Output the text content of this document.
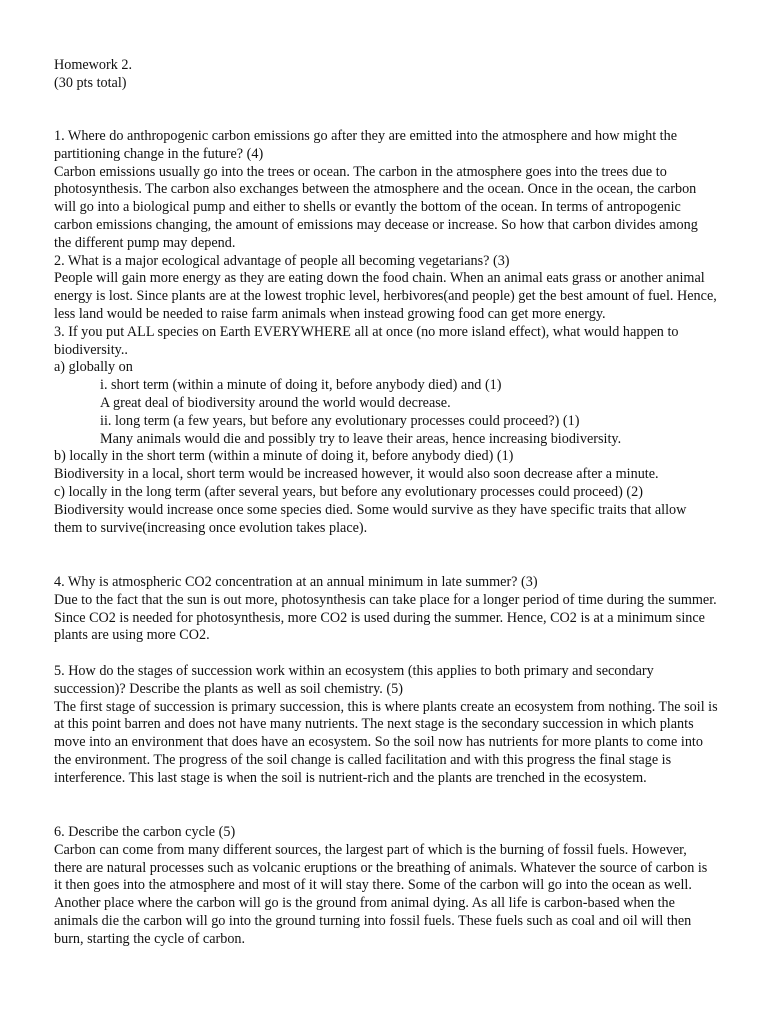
Homework 2.

(30 pts total)

1. Where do anthropogenic carbon emissions go after they are emitted into the atmosphere and how might the partitioning change in the future? (4)

Carbon emissions usually go into the trees or ocean. The carbon in the atmosphere goes into the trees due to photosynthesis. The carbon also exchanges between the atmosphere and the ocean. Once in the ocean, the carbon will go into a biological pump and either to shells or evantly the bottom of the ocean. In terms of antropogenic carbon emissions changing, the amount of emissions may decease or increase. So how that carbon divides among the different pump may depend.

2. What is a major ecological advantage of people all becoming vegetarians? (3)

People will gain more energy as they are eating down the food chain. When an animal eats grass or another animal energy is lost. Since plants are at the lowest trophic level, herbivores(and people) get the best amount of fuel. Hence, less land would be needed to raise farm animals when instead growing food can get more energy.

3. If you put ALL species on Earth EVERYWHERE all at once (no more island effect), what would happen to biodiversity..

a) globally on

i. short term (within a minute of doing it, before anybody died) and (1)

A great deal of biodiversity around the world would decrease.

ii. long term (a few years, but before any evolutionary processes could proceed?) (1)

Many animals would die and possibly try to leave their areas, hence increasing biodiversity.

b) locally in the short term (within a minute of doing it, before anybody died) (1)

Biodiversity in a local, short term would be increased however, it would also soon decrease after a minute.

c) locally in the long term (after several years, but before any evolutionary processes could proceed) (2)

Biodiversity would increase once some species died. Some would survive as they have specific traits that allow them to survive(increasing once evolution takes place).

4. Why is atmospheric CO2 concentration at an annual minimum in late summer? (3)

Due to the fact that the sun is out more, photosynthesis can take place for a longer period of time during the summer. Since CO2 is needed for photosynthesis, more CO2 is used during the summer. Hence, CO2 is at a minimum since plants are using more CO2.

5. How do the stages of succession work within an ecosystem (this applies to both primary and secondary succession)? Describe the plants as well as soil chemistry. (5)

The first stage of succession is primary succession, this is where plants create an ecosystem from nothing. The soil is at this point barren and does not have many nutrients. The next stage is the secondary succession in which plants move into an environment that does have an ecosystem. So the soil now has nutrients for more plants to come into the environment. The progress of the soil change is called facilitation and with this progress the final stage is interference. This last stage is when the soil is nutrient-rich and the plants are trenched in the ecosystem.

6. Describe the carbon cycle (5)

Carbon can come from many different sources, the largest part of which is the burning of fossil fuels. However, there are natural processes such as volcanic eruptions or the breathing of animals. Whatever the source of carbon is it then goes into the atmosphere and most of it will stay there. Some of the carbon will go into the ocean as well. Another place where the carbon will go is the ground from animal dying. As all life is carbon-based when the animals die the carbon will go into the ground turning into fossil fuels. These fuels such as coal and oil will then burn, starting the cycle of carbon.
